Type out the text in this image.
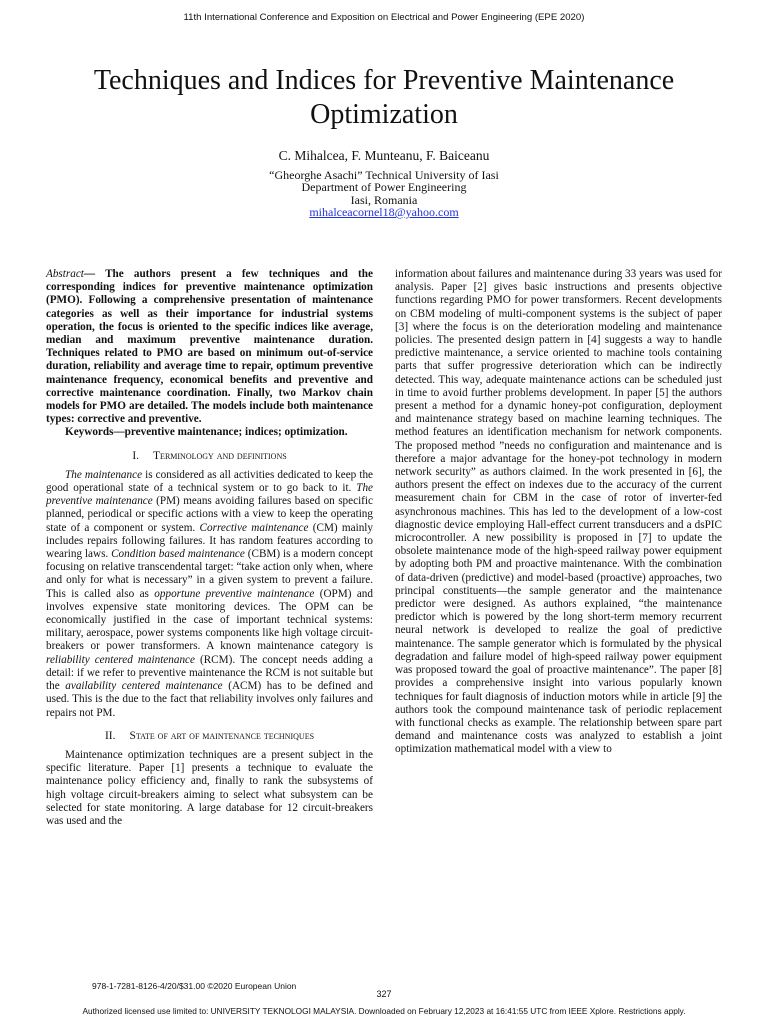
11th International Conference and Exposition on Electrical and Power Engineering (EPE 2020)
Techniques and Indices for Preventive Maintenance Optimization
C. Mihalcea, F. Munteanu, F. Baiceanu
“Gheorghe Asachi” Technical University of Iasi
Department of Power Engineering
Iasi, Romania
mihalceacornel18@yahoo.com

Abstract— The authors present a few techniques and the corresponding indices for preventive maintenance optimization (PMO). Following a comprehensive presentation of maintenance categories as well as their importance for industrial systems operation, the focus is oriented to the specific indices like average, median and maximum preventive maintenance duration. Techniques related to PMO are based on minimum out-of-service duration, reliability and average time to repair, optimum preventive maintenance frequency, economical benefits and preventive and corrective maintenance coordination. Finally, two Markov chain models for PMO are detailed. The models include both maintenance types: corrective and preventive.

Keywords—preventive maintenance; indices; optimization.

I. Terminology and definitions

The maintenance is considered as all activities dedicated to keep the good operational state of a technical system or to go back to it. The preventive maintenance (PM) means avoiding failures based on specific planned, periodical or specific actions with a view to keep the operating state of a component or system. Corrective maintenance (CM) mainly includes repairs following failures. It has random features according to wearing laws. Condition based maintenance (CBM) is a modern concept focusing on relative transcendental target: “take action only when, where and only for what is necessary” in a given system to prevent a failure. This is called also as opportune preventive maintenance (OPM) and involves expensive state monitoring devices. The OPM can be economically justified in the case of important technical systems: military, aerospace, power systems components like high voltage circuit-breakers or power transformers. A known maintenance category is reliability centered maintenance (RCM). The concept needs adding a detail: if we refer to preventive maintenance the RCM is not suitable but the availability centered maintenance (ACM) has to be defined and used. This is the due to the fact that reliability involves only failures and repairs not PM.

II. State of art of maintenance techniques

Maintenance optimization techniques are a present subject in the specific literature. Paper [1] presents a technique to evaluate the maintenance policy efficiency and, finally to rank the subsystems of high voltage circuit-breakers aiming to select what subsystem can be selected for state monitoring. A large database for 12 circuit-breakers was used and the

information about failures and maintenance during 33 years was used for analysis. Paper [2] gives basic instructions and presents objective functions regarding PMO for power transformers. Recent developments on CBM modeling of multi-component systems is the subject of paper [3] where the focus is on the deterioration modeling and maintenance policies. The presented design pattern in [4] suggests a way to handle predictive maintenance, a service oriented to machine tools containing parts that suffer progressive deterioration which can be indirectly detected. This way, adequate maintenance actions can be scheduled just in time to avoid further problems development. In paper [5] the authors present a method for a dynamic honey-pot configuration, deployment and maintenance strategy based on machine learning techniques. The method features an identification mechanism for network components. The proposed method ”needs no configuration and maintenance and is therefore a major advantage for the honey-pot technology in modern network security” as authors claimed. In the work presented in [6], the authors present the effect on indexes due to the accuracy of the current measurement chain for CBM in the case of rotor of inverter-fed asynchronous machines. This has led to the development of a low-cost diagnostic device employing Hall-effect current transducers and a dsPIC microcontroller. A new possibility is proposed in [7] to update the obsolete maintenance mode of the high-speed railway power equipment by adopting both PM and proactive maintenance. With the combination of data-driven (predictive) and model-based (proactive) approaches, two principal constituents—the sample generator and the maintenance predictor were designed. As authors explained, “the maintenance predictor which is powered by the long short-term memory recurrent neural network is developed to realize the goal of predictive maintenance. The sample generator which is formulated by the physical degradation and failure model of high-speed railway power equipment was proposed toward the goal of proactive maintenance”. The paper [8] provides a comprehensive insight into various popularly known techniques for fault diagnosis of induction motors while in article [9] the authors took the compound maintenance task of periodic replacement with functional checks as example. The relationship between spare part demand and maintenance costs was analyzed to establish a joint optimization mathematical model with a view to

978-1-7281-8126-4/20/$31.00 ©2020 European Union
327
Authorized licensed use limited to: UNIVERSITY TEKNOLOGI MALAYSIA. Downloaded on February 12,2023 at 16:41:55 UTC from IEEE Xplore. Restrictions apply.
